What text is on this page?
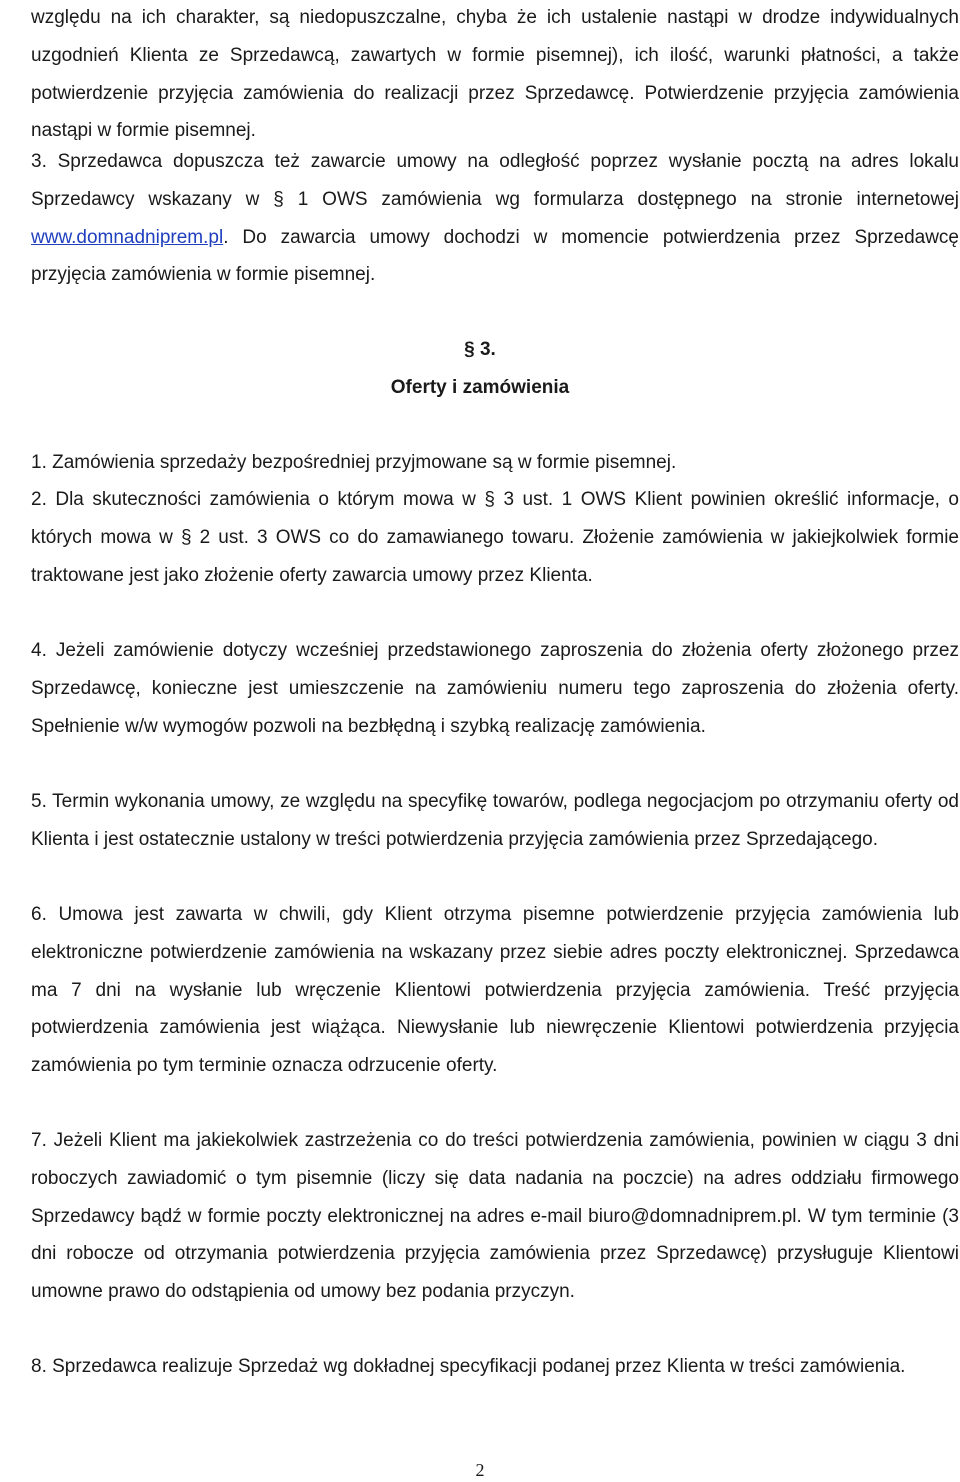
względu na ich charakter, są niedopuszczalne, chyba że ich ustalenie nastąpi w drodze indywidualnych uzgodnień Klienta ze Sprzedawcą, zawartych w formie pisemnej), ich ilość, warunki płatności, a także potwierdzenie przyjęcia zamówienia do realizacji przez Sprzedawcę. Potwierdzenie przyjęcia zamówienia nastąpi w formie pisemnej.

3. Sprzedawca dopuszcza też zawarcie umowy na odległość poprzez wysłanie pocztą na adres lokalu Sprzedawcy wskazany w § 1 OWS zamówienia wg formularza dostępnego na stronie internetowej www.domnadniprem.pl. Do zawarcia umowy dochodzi w momencie potwierdzenia przez Sprzedawcę przyjęcia zamówienia w formie pisemnej.

§ 3.

Oferty i zamówienia

1. Zamówienia sprzedaży bezpośredniej przyjmowane są w formie pisemnej.

2. Dla skuteczności zamówienia o którym mowa w § 3 ust. 1 OWS Klient powinien określić informacje, o których mowa w § 2 ust. 3 OWS co do zamawianego towaru. Złożenie zamówienia w jakiejkolwiek formie traktowane jest jako złożenie oferty zawarcia umowy przez Klienta.

4. Jeżeli zamówienie dotyczy wcześniej przedstawionego zaproszenia do złożenia oferty złożonego przez Sprzedawcę, konieczne jest umieszczenie na zamówieniu numeru tego zaproszenia do złożenia oferty. Spełnienie w/w wymogów pozwoli na bezbłędną i szybką realizację zamówienia.

5. Termin wykonania umowy, ze względu na specyfikę towarów, podlega negocjacjom po otrzymaniu oferty od Klienta i jest ostatecznie ustalony w treści potwierdzenia przyjęcia zamówienia przez Sprzedającego.

6. Umowa jest zawarta w chwili, gdy Klient otrzyma pisemne potwierdzenie przyjęcia zamówienia lub elektroniczne potwierdzenie zamówienia na wskazany przez siebie adres poczty elektronicznej. Sprzedawca ma 7 dni na wysłanie lub wręczenie Klientowi potwierdzenia przyjęcia zamówienia. Treść przyjęcia potwierdzenia zamówienia jest wiążąca. Niewysłanie lub niewręczenie Klientowi potwierdzenia przyjęcia zamówienia po tym terminie oznacza odrzucenie oferty.

7. Jeżeli Klient ma jakiekolwiek zastrzeżenia co do treści potwierdzenia zamówienia, powinien w ciągu 3 dni roboczych zawiadomić o tym pisemnie (liczy się data nadania na poczcie) na adres oddziału firmowego Sprzedawcy bądź w formie poczty elektronicznej na adres e-mail biuro@domnadniprem.pl. W tym terminie (3 dni robocze od otrzymania potwierdzenia przyjęcia zamówienia przez Sprzedawcę) przysługuje Klientowi umowne prawo do odstąpienia od umowy bez podania przyczyn.

8. Sprzedawca realizuje Sprzedaż wg dokładnej specyfikacji podanej przez Klienta w treści zamówienia.

2
